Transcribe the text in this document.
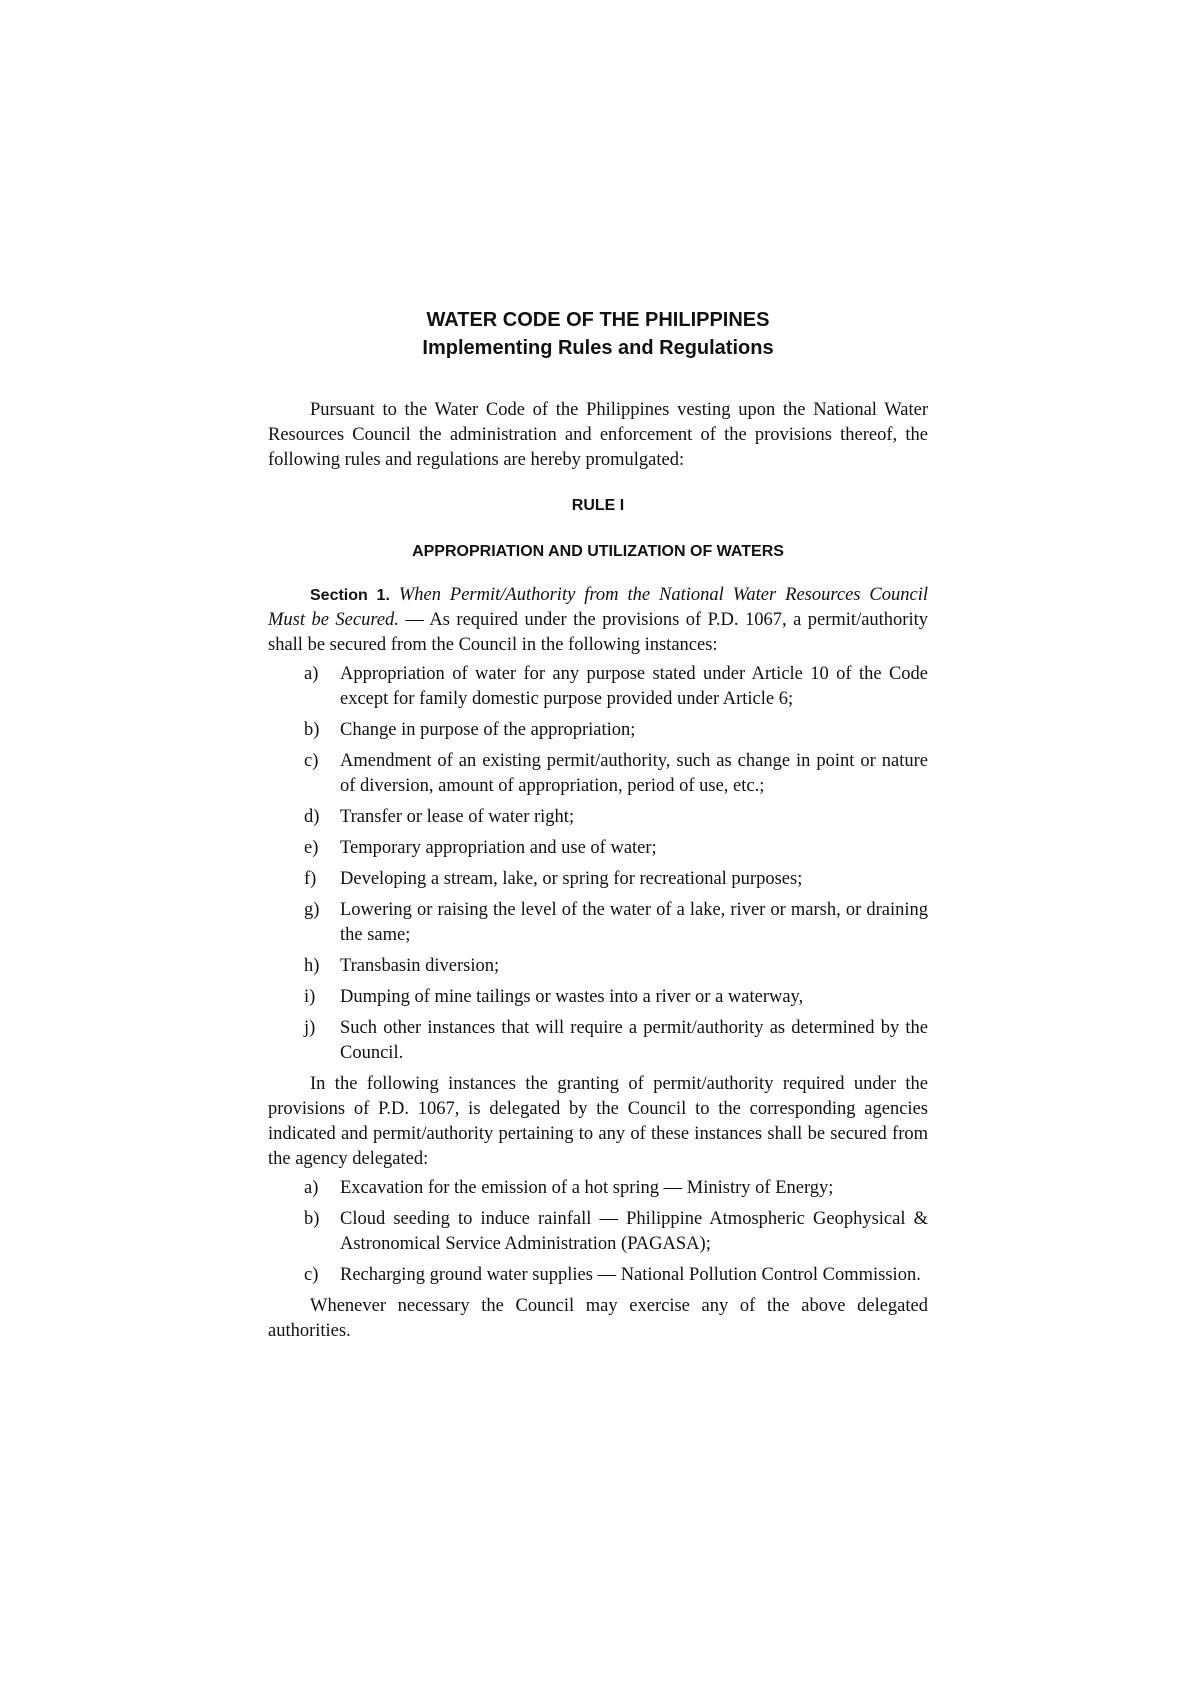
WATER CODE OF THE PHILIPPINES
Implementing Rules and Regulations

Pursuant to the Water Code of the Philippines vesting upon the National Water Resources Council the administration and enforcement of the provisions thereof, the following rules and regulations are hereby promulgated:

RULE I
APPROPRIATION AND UTILIZATION OF WATERS

Section 1. When Permit/Authority from the National Water Resources Council Must be Secured. — As required under the provisions of P.D. 1067, a permit/authority shall be secured from the Council in the following instances:

a) Appropriation of water for any purpose stated under Article 10 of the Code except for family domestic purpose provided under Article 6;
b) Change in purpose of the appropriation;
c) Amendment of an existing permit/authority, such as change in point or nature of diversion, amount of appropriation, period of use, etc.;
d) Transfer or lease of water right;
e) Temporary appropriation and use of water;
f) Developing a stream, lake, or spring for recreational purposes;
g) Lowering or raising the level of the water of a lake, river or marsh, or draining the same;
h) Transbasin diversion;
i) Dumping of mine tailings or wastes into a river or a waterway,
j) Such other instances that will require a permit/authority as determined by the Council.

In the following instances the granting of permit/authority required under the provisions of P.D. 1067, is delegated by the Council to the corresponding agencies indicated and permit/authority pertaining to any of these instances shall be secured from the agency delegated:

a) Excavation for the emission of a hot spring — Ministry of Energy;
b) Cloud seeding to induce rainfall — Philippine Atmospheric Geophysical & Astronomical Service Administration (PAGASA);
c) Recharging ground water supplies — National Pollution Control Commission.

Whenever necessary the Council may exercise any of the above delegated authorities.
